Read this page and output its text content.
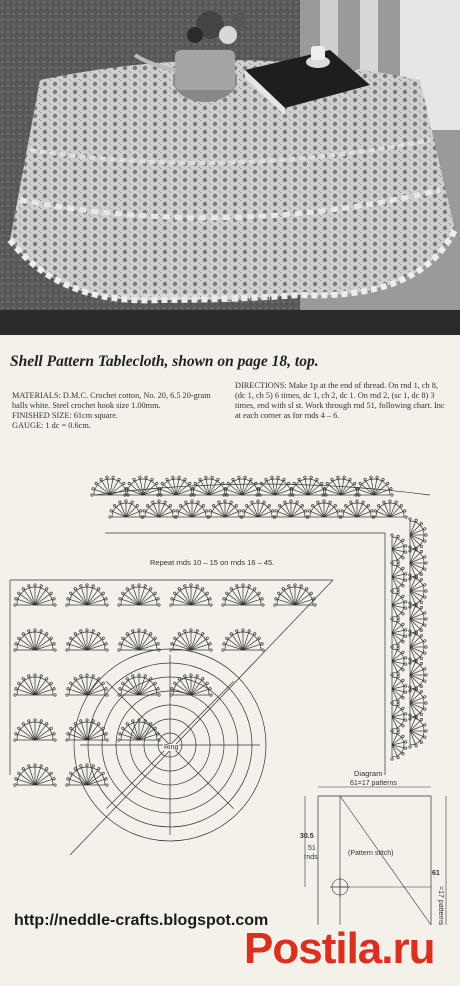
http://neddle-crafts.blogspot.com
Shell Pattern Tablecloth, shown on page 18, top.

MATERIALS: D.M.C. Crochet cotton, No. 20, 6.5 20-gram balls white. Steel crochet hook size 1.00mm.

FINISHED SIZE: 61cm square.

GAUGE: 1 dc = 0.6cm.

DIRECTIONS: Make 1p at the end of thread. On rnd 1, ch 8, (dc 1, ch 5) 6 times, dc 1, ch 2, dc 1. On rnd 2, (sc 1, dc 8) 3 times, end with sl st. Work through rnd 51, following chart. Inc at each corner as for rnds 4 – 6.

Repeat rnds 10 – 15 on rnds 16 – 45.
Ring
Diagram
61=17 patterns
30.5
51
rnds
(Pattern stitch)
61
=17 patterns
http://neddle-crafts.blogspot.com
Postila.ru
